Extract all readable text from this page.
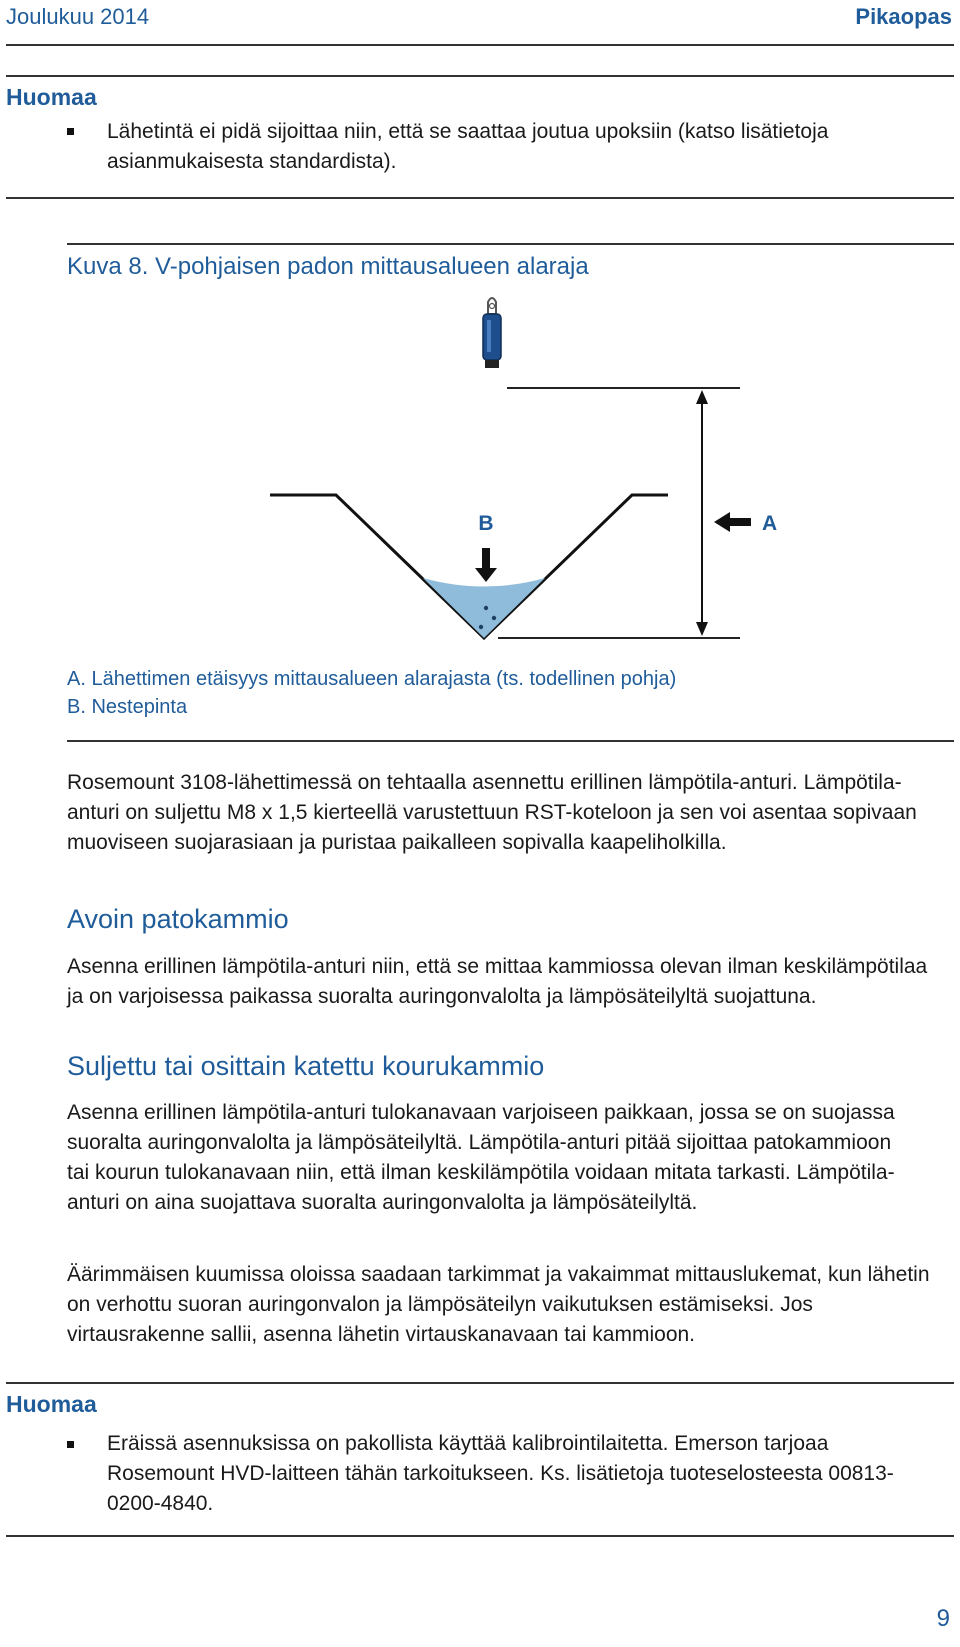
Joulukuu 2014	Pikaopas
Huomaa
Lähetintä ei pidä sijoittaa niin, että se saattaa joutua upoksiin (katso lisätietoja asianmukaisesta standardista).
Kuva 8. V-pohjaisen padon mittausalueen alaraja
A
B
A. Lähettimen etäisyys mittausalueen alarajasta (ts. todellinen pohja)
B. Nestepinta
Rosemount 3108-lähettimessä on tehtaalla asennettu erillinen lämpötila-anturi. Lämpötila-anturi on suljettu M8 x 1,5 kierteellä varustettuun RST-koteloon ja sen voi asentaa sopivaan muoviseen suojarasiaan ja puristaa paikalleen sopivalla kaapeliholkilla.
Avoin patokammio
Asenna erillinen lämpötila-anturi niin, että se mittaa kammiossa olevan ilman keskilämpötilaa ja on varjoisessa paikassa suoralta auringonvalolta ja lämpösäteilyltä suojattuna.
Suljettu tai osittain katettu kourukammio
Asenna erillinen lämpötila-anturi tulokanavaan varjoiseen paikkaan, jossa se on suojassa suoralta auringonvalolta ja lämpösäteilyltä. Lämpötila-anturi pitää sijoittaa patokammioon tai kourun tulokanavaan niin, että ilman keskilämpötila voidaan mitata tarkasti. Lämpötila-anturi on aina suojattava suoralta auringonvalolta ja lämpösäteilyltä.
Äärimmäisen kuumissa oloissa saadaan tarkimmat ja vakaimmat mittauslukemat, kun lähetin on verhottu suoran auringonvalon ja lämpösäteilyn vaikutuksen estämiseksi. Jos virtausrakenne sallii, asenna lähetin virtauskanavaan tai kammioon.
Huomaa
Eräissä asennuksissa on pakollista käyttää kalibrointilaitetta. Emerson tarjoaa Rosemount HVD-laitteen tähän tarkoitukseen. Ks. lisätietoja tuoteselosteesta 00813-0200-4840.
9
